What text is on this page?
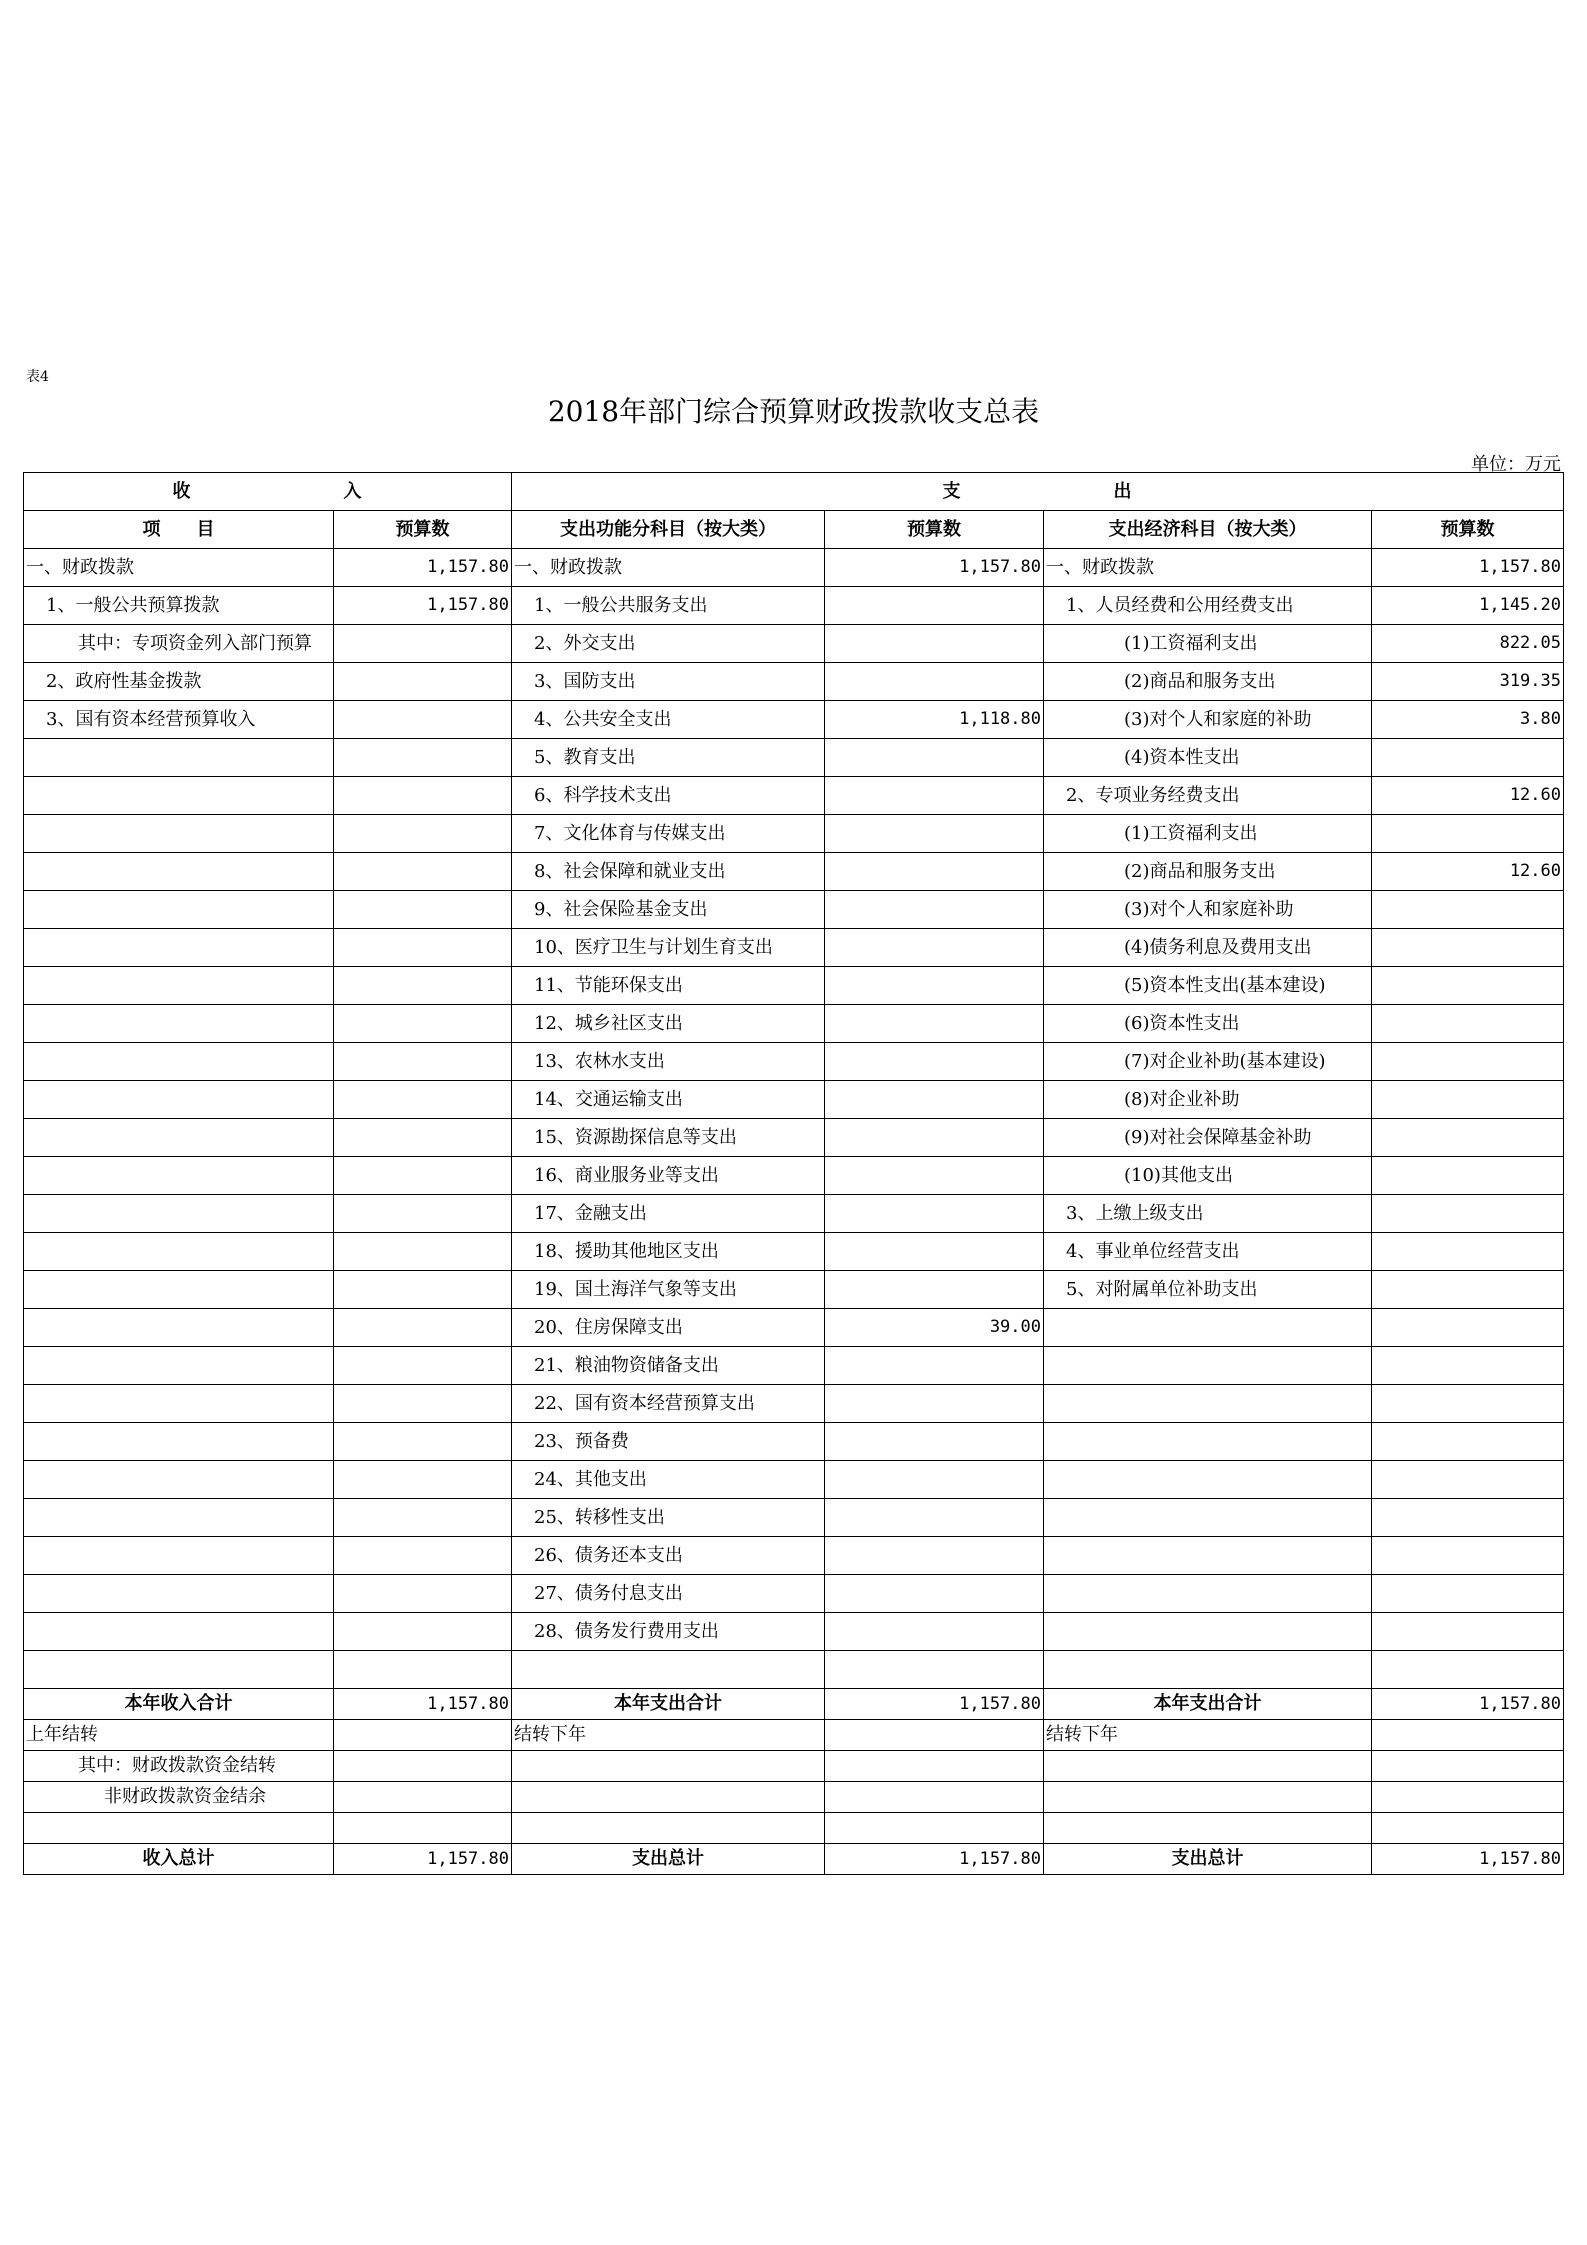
表4
2018年部门综合预算财政拨款收支总表
单位：万元
收　　　　　　　　入		支　　　　　　　　出			
项　　目	预算数	支出功能分科目（按大类）	预算数	支出经济科目（按大类）	预算数
一、财政拨款	1,157.80	一、财政拨款	1,157.80	一、财政拨款	1,157.80
1、一般公共预算拨款	1,157.80	1、一般公共服务支出		1、人员经费和公用经费支出	1,145.20
其中：专项资金列入部门预算		2、外交支出		(1)工资福利支出	822.05
2、政府性基金拨款		3、国防支出		(2)商品和服务支出	319.35
3、国有资本经营预算收入		4、公共安全支出	1,118.80	(3)对个人和家庭的补助	3.80
		5、教育支出		(4)资本性支出	
		6、科学技术支出		2、专项业务经费支出	12.60
		7、文化体育与传媒支出		(1)工资福利支出	
		8、社会保障和就业支出		(2)商品和服务支出	12.60
		9、社会保险基金支出		(3)对个人和家庭补助	
		10、医疗卫生与计划生育支出		(4)债务利息及费用支出	
		11、节能环保支出		(5)资本性支出(基本建设)	
		12、城乡社区支出		(6)资本性支出	
		13、农林水支出		(7)对企业补助(基本建设)	
		14、交通运输支出		(8)对企业补助	
		15、资源勘探信息等支出		(9)对社会保障基金补助	
		16、商业服务业等支出		(10)其他支出	
		17、金融支出		3、上缴上级支出	
		18、援助其他地区支出		4、事业单位经营支出	
		19、国土海洋气象等支出		5、对附属单位补助支出	
		20、住房保障支出	39.00		
		21、粮油物资储备支出			
		22、国有资本经营预算支出			
		23、预备费			
		24、其他支出			
		25、转移性支出			
		26、债务还本支出			
		27、债务付息支出			
		28、债务发行费用支出			

本年收入合计	1,157.80	本年支出合计	1,157.80	本年支出合计	1,157.80
上年结转		结转下年		结转下年	
其中：财政拨款资金结转					
非财政拨款资金结余					

收入总计	1,157.80	支出总计	1,157.80	支出总计	1,157.80
